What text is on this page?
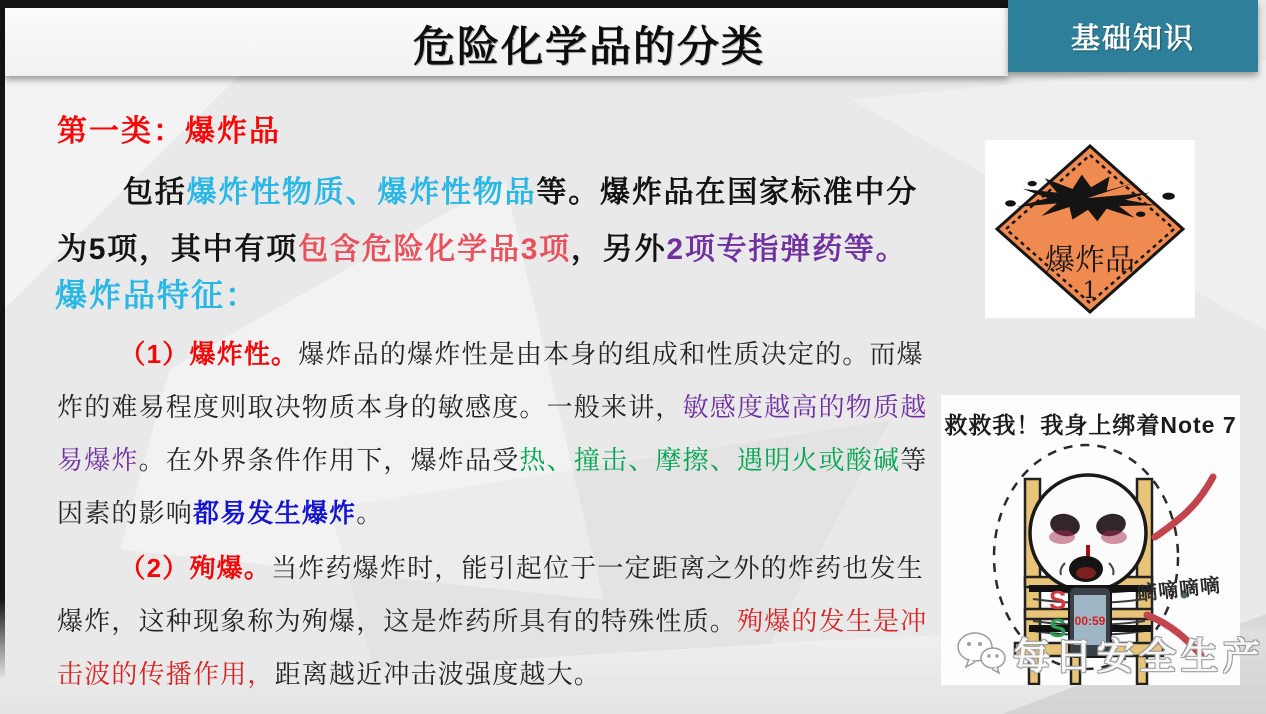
危险化学品的分类	基础知识
第一类：爆炸品
包括爆炸性物质、爆炸性物品等。爆炸品在国家标准中分为5项，其中有项包含危险化学品3项，另外2项专指弹药等。
爆炸品特征：
（1）爆炸性。爆炸品的爆炸性是由本身的组成和性质决定的。而爆炸的难易程度则取决物质本身的敏感度。一般来讲，敏感度越高的物质越易爆炸。在外界条件作用下，爆炸品受热、撞击、摩擦、遇明火或酸碱等因素的影响都易发生爆炸。
（2）殉爆。当炸药爆炸时，能引起位于一定距离之外的炸药也发生爆炸，这种现象称为殉爆，这是炸药所具有的特殊性质。殉爆的发生是冲击波的传播作用，距离越近冲击波强度越大。
爆炸品
1
救救我！我身上绑着Note 7
S
S 00:59
嘀嘀嘀嘀
每日安全生产
